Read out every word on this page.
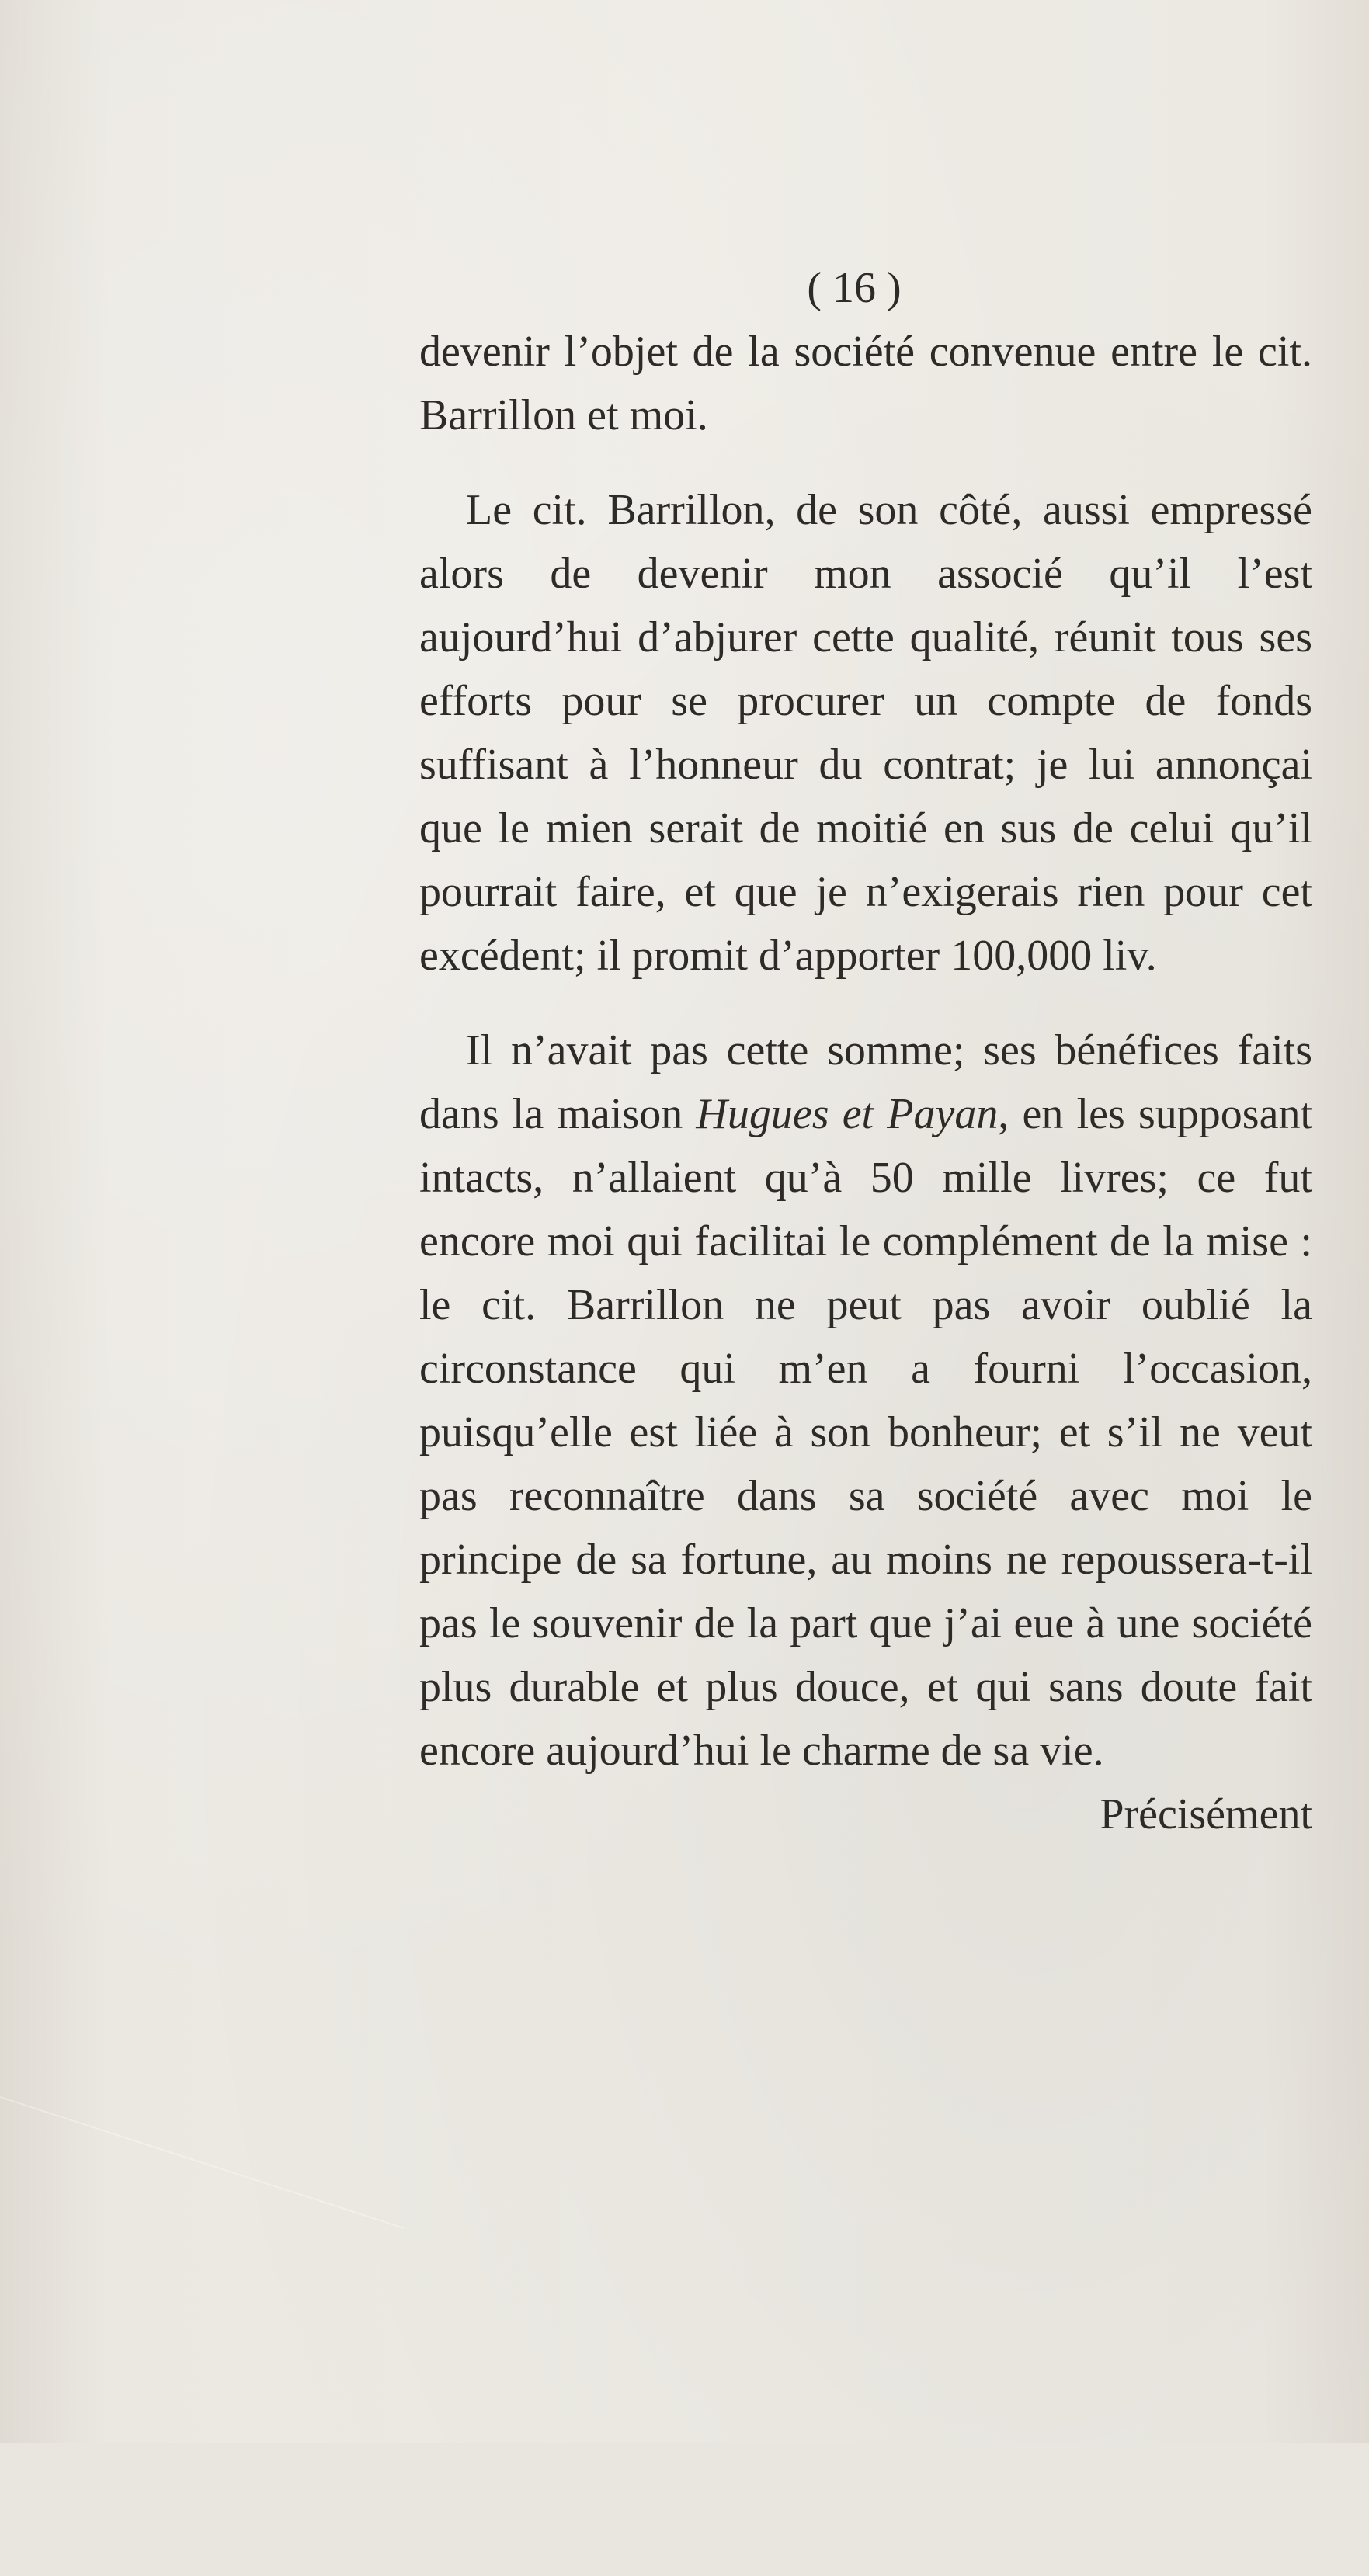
( 16 )

devenir l’objet de la société convenue entre le cit. Barrillon et moi.

Le cit. Barrillon, de son côté, aussi empressé alors de devenir mon associé qu’il l’est aujourd’hui d’abjurer cette qualité, réunit tous ses efforts pour se procurer un compte de fonds suffisant à l’honneur du contrat; je lui annonçai que le mien serait de moitié en sus de celui qu’il pourrait faire, et que je n’exigerais rien pour cet excédent; il promit d’apporter 100,000 liv.

Il n’avait pas cette somme; ses bénéfices faits dans la maison Hugues et Payan, en les supposant intacts, n’allaient qu’à 50 mille livres; ce fut encore moi qui facilitai le complément de la mise : le cit. Barrillon ne peut pas avoir oublié la circonstance qui m’en a fourni l’occasion, puisqu’elle est liée à son bonheur; et s’il ne veut pas reconnaître dans sa société avec moi le principe de sa fortune, au moins ne repoussera-t-il pas le souvenir de la part que j’ai eue à une société plus durable et plus douce, et qui sans doute fait encore aujourd’hui le charme de sa vie.

Précisément
